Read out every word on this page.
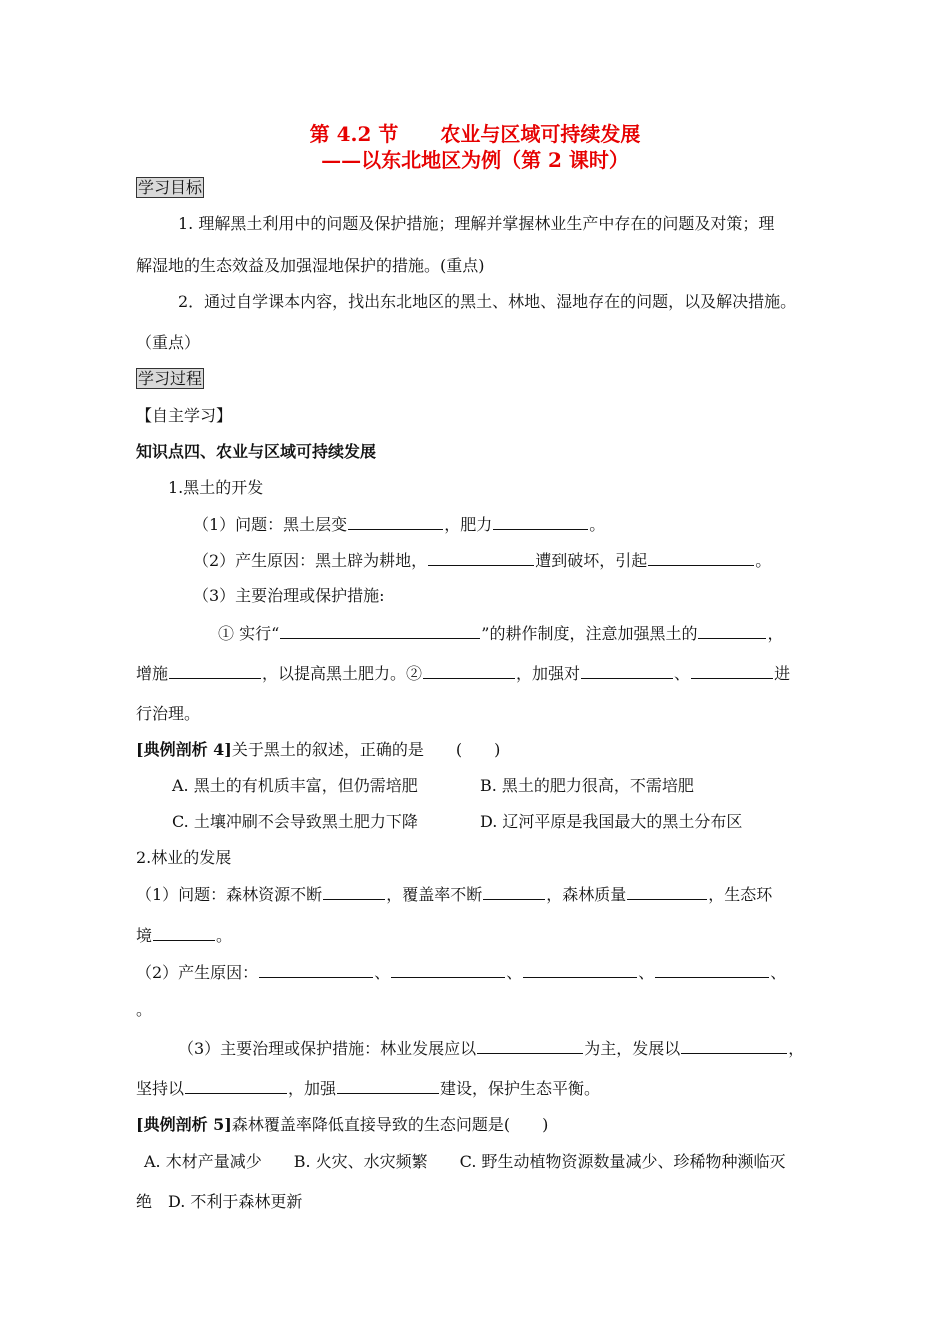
第 4.2 节 农业与区域可持续发展
——以东北地区为例（第 2 课时）
学习目标
1. 理解黑土利用中的问题及保护措施；理解并掌握林业生产中存在的问题及对策；理
解湿地的生态效益及加强湿地保护的措施。(重点)
2．通过自学课本内容，找出东北地区的黑土、林地、湿地存在的问题，以及解决措施。
（重点）
学习过程
【自主学习】
知识点四、农业与区域可持续发展
1.黑土的开发
（1）问题：黑土层变	，肥力	。
（2）产生原因：黑土辟为耕地，	遭到破坏，引起	。
（3）主要治理或保护措施:
① 实行“	”的耕作制度，注意加强黑土的	，
增施	，以提高黑土肥力。②	，加强对	、	进
行治理。
[典例剖析 4]关于黑土的叙述，正确的是　　(　　)
A. 黑土的有机质丰富，但仍需培肥	B. 黑土的肥力很高，不需培肥
C. 土壤冲刷不会导致黑土肥力下降	D. 辽河平原是我国最大的黑土分布区
2.林业的发展
（1）问题：森林资源不断	，覆盖率不断	，森林质量	，生态环
境	。
（2）产生原因：	、	、	、	、
。
（3）主要治理或保护措施：林业发展应以	为主，发展以	，
坚持以	，加强	建设，保护生态平衡。
[典例剖析 5]森林覆盖率降低直接导致的生态问题是(　　)
A. 木材产量减少　　B. 火灾、水灾频繁　　C. 野生动植物资源数量减少、珍稀物种濒临灭
绝　D. 不利于森林更新
